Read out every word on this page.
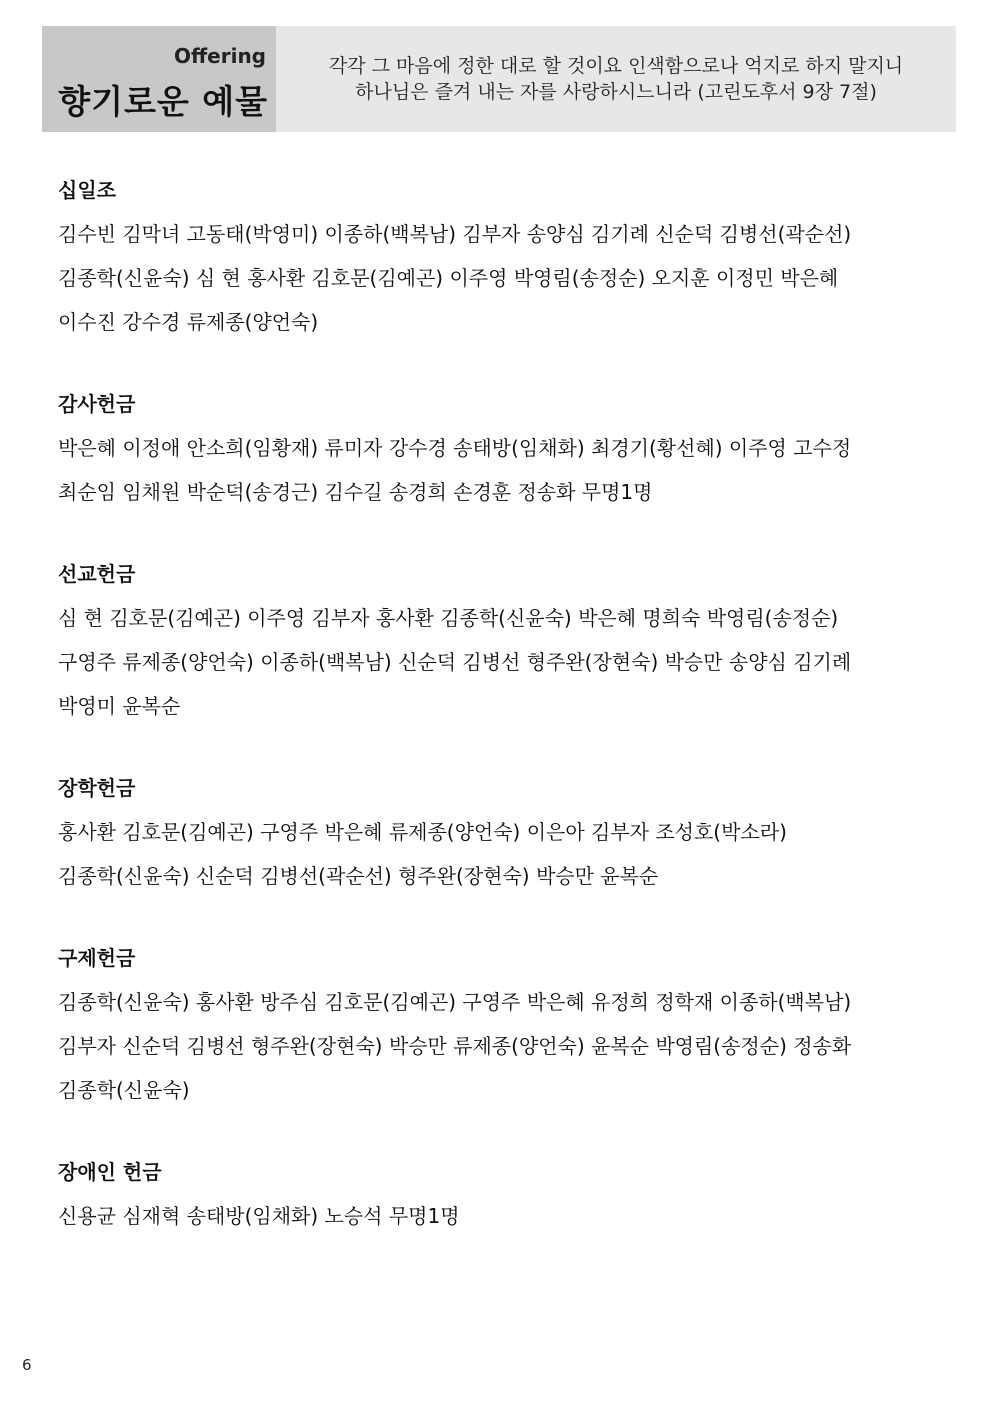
Offering
향기로운 예물
각각 그 마음에 정한 대로 할 것이요 인색함으로나 억지로 하지 말지니
하나님은 즐겨 내는 자를 사랑하시느니라 (고린도후서 9장 7절)
십일조
김수빈 김막녀 고동태(박영미) 이종하(백복남) 김부자 송양심 김기례 신순덕 김병선(곽순선)
김종학(신윤숙) 심 현 홍사환 김호문(김예곤) 이주영 박영림(송정순) 오지훈 이정민 박은혜
이수진 강수경 류제종(양언숙)
감사헌금
박은혜 이정애 안소희(임황재) 류미자 강수경 송태방(임채화) 최경기(황선혜) 이주영 고수정
최순임 임채원 박순덕(송경근) 김수길 송경희 손경훈 정송화 무명1명
선교헌금
심 현 김호문(김예곤) 이주영 김부자 홍사환 김종학(신윤숙) 박은혜 명희숙 박영림(송정순)
구영주 류제종(양언숙) 이종하(백복남) 신순덕 김병선 형주완(장현숙) 박승만 송양심 김기례
박영미 윤복순
장학헌금
홍사환 김호문(김예곤) 구영주 박은혜 류제종(양언숙) 이은아 김부자 조성호(박소라)
김종학(신윤숙) 신순덕 김병선(곽순선) 형주완(장현숙) 박승만 윤복순
구제헌금
김종학(신윤숙) 홍사환 방주심 김호문(김예곤) 구영주 박은혜 유정희 정학재 이종하(백복남)
김부자 신순덕 김병선 형주완(장현숙) 박승만 류제종(양언숙) 윤복순 박영림(송정순) 정송화
김종학(신윤숙)
장애인 헌금
신용균 심재혁 송태방(임채화) 노승석 무명1명
6
